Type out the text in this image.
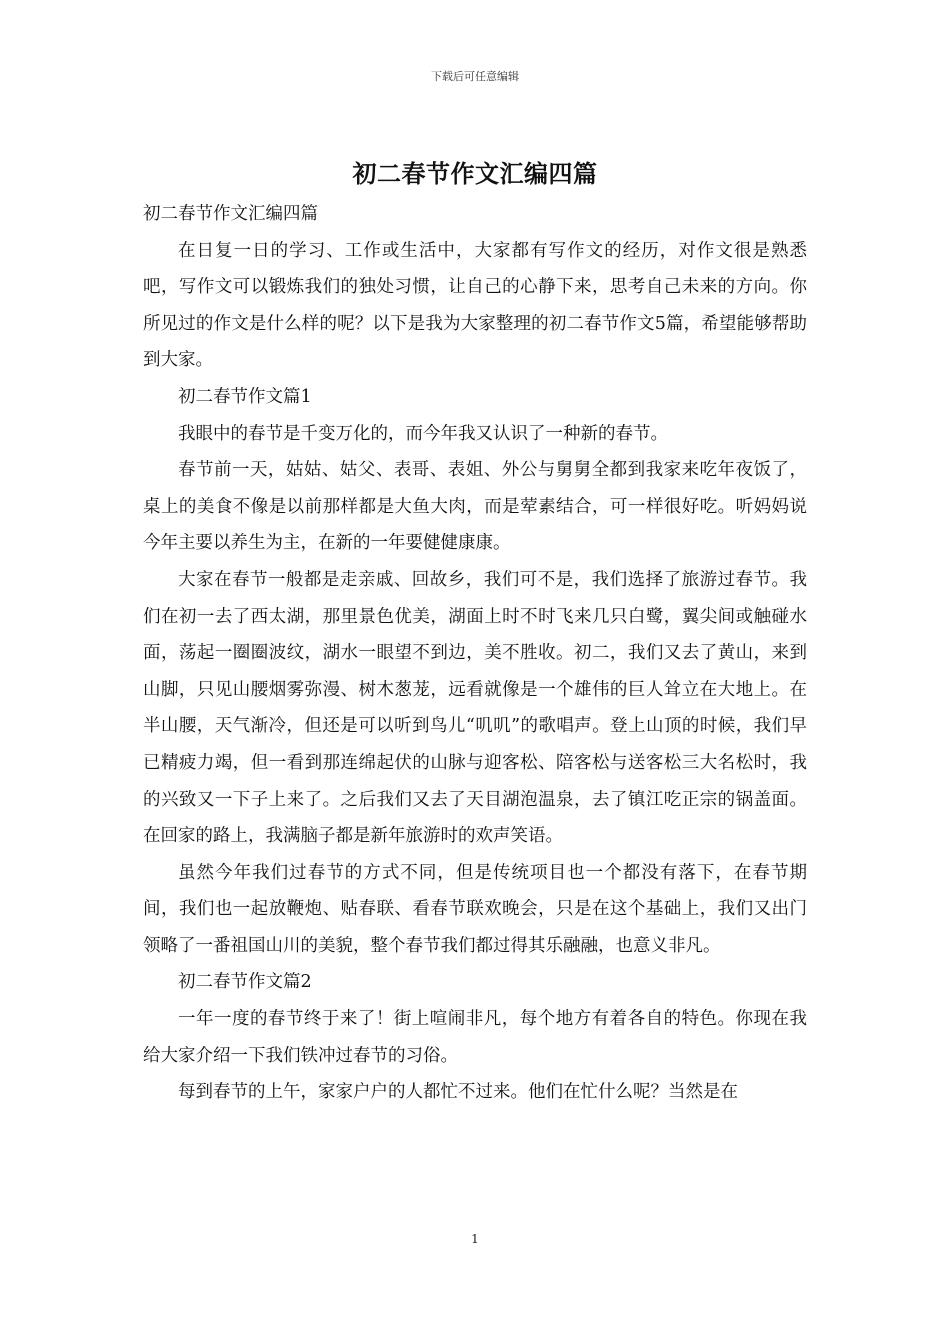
下载后可任意编辑
初二春节作文汇编四篇

初二春节作文汇编四篇

在日复一日的学习、工作或生活中，大家都有写作文的经历，对作文很是熟悉吧，写作文可以锻炼我们的独处习惯，让自己的心静下来，思考自己未来的方向。你所见过的作文是什么样的呢？以下是我为大家整理的初二春节作文5篇，希望能够帮助到大家。

初二春节作文篇1

我眼中的春节是千变万化的，而今年我又认识了一种新的春节。

春节前一天，姑姑、姑父、表哥、表姐、外公与舅舅全都到我家来吃年夜饭了，桌上的美食不像是以前那样都是大鱼大肉，而是荤素结合，可一样很好吃。听妈妈说今年主要以养生为主，在新的一年要健健康康。

大家在春节一般都是走亲戚、回故乡，我们可不是，我们选择了旅游过春节。我们在初一去了西太湖，那里景色优美，湖面上时不时飞来几只白鹭，翼尖间或触碰水面，荡起一圈圈波纹，湖水一眼望不到边，美不胜收。初二，我们又去了黄山，来到山脚，只见山腰烟雾弥漫、树木葱茏，远看就像是一个雄伟的巨人耸立在大地上。在半山腰，天气渐冷，但还是可以听到鸟儿“叽叽”的歌唱声。登上山顶的时候，我们早已精疲力竭，但一看到那连绵起伏的山脉与迎客松、陪客松与送客松三大名松时，我的兴致又一下子上来了。之后我们又去了天目湖泡温泉，去了镇江吃正宗的锅盖面。在回家的路上，我满脑子都是新年旅游时的欢声笑语。

虽然今年我们过春节的方式不同，但是传统项目也一个都没有落下，在春节期间，我们也一起放鞭炮、贴春联、看春节联欢晚会，只是在这个基础上，我们又出门领略了一番祖国山川的美貌，整个春节我们都过得其乐融融，也意义非凡。

初二春节作文篇2

一年一度的春节终于来了！街上喧闹非凡，每个地方有着各自的特色。你现在我给大家介绍一下我们铁冲过春节的习俗。

每到春节的上午，家家户户的人都忙不过来。他们在忙什么呢？当然是在

1
